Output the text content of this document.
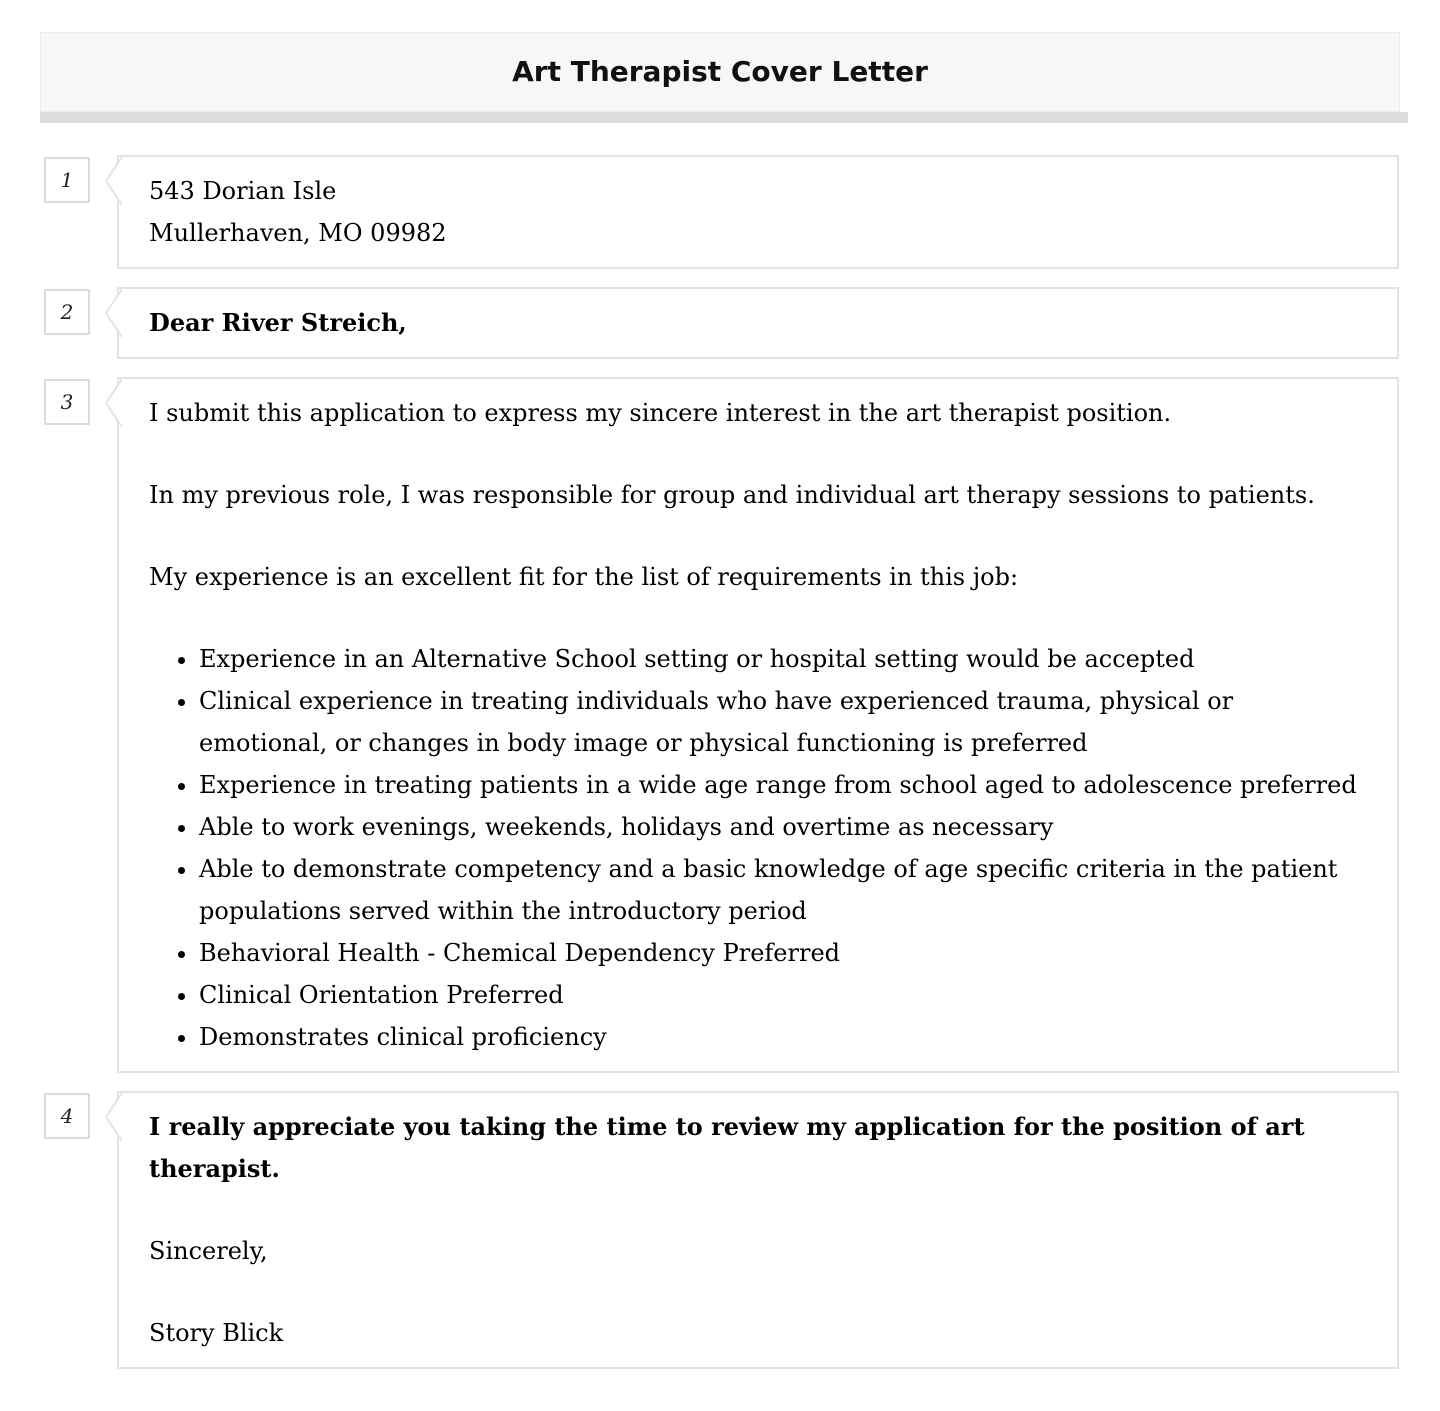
Art Therapist Cover Letter
1	543 Dorian Isle

Mullerhaven, MO 09982

2	Dear River Streich,

3	I submit this application to express my sincere interest in the art therapist position.

In my previous role, I was responsible for group and individual art therapy sessions to patients.

My experience is an excellent fit for the list of requirements in this job:

• Experience in an Alternative School setting or hospital setting would be accepted
• Clinical experience in treating individuals who have experienced trauma, physical or emotional, or changes in body image or physical functioning is preferred
• Experience in treating patients in a wide age range from school aged to adolescence preferred
• Able to work evenings, weekends, holidays and overtime as necessary
• Able to demonstrate competency and a basic knowledge of age specific criteria in the patient populations served within the introductory period
• Behavioral Health - Chemical Dependency Preferred
• Clinical Orientation Preferred
• Demonstrates clinical proficiency
4	I really appreciate you taking the time to review my application for the position of art therapist.

Sincerely,

Story Blick
